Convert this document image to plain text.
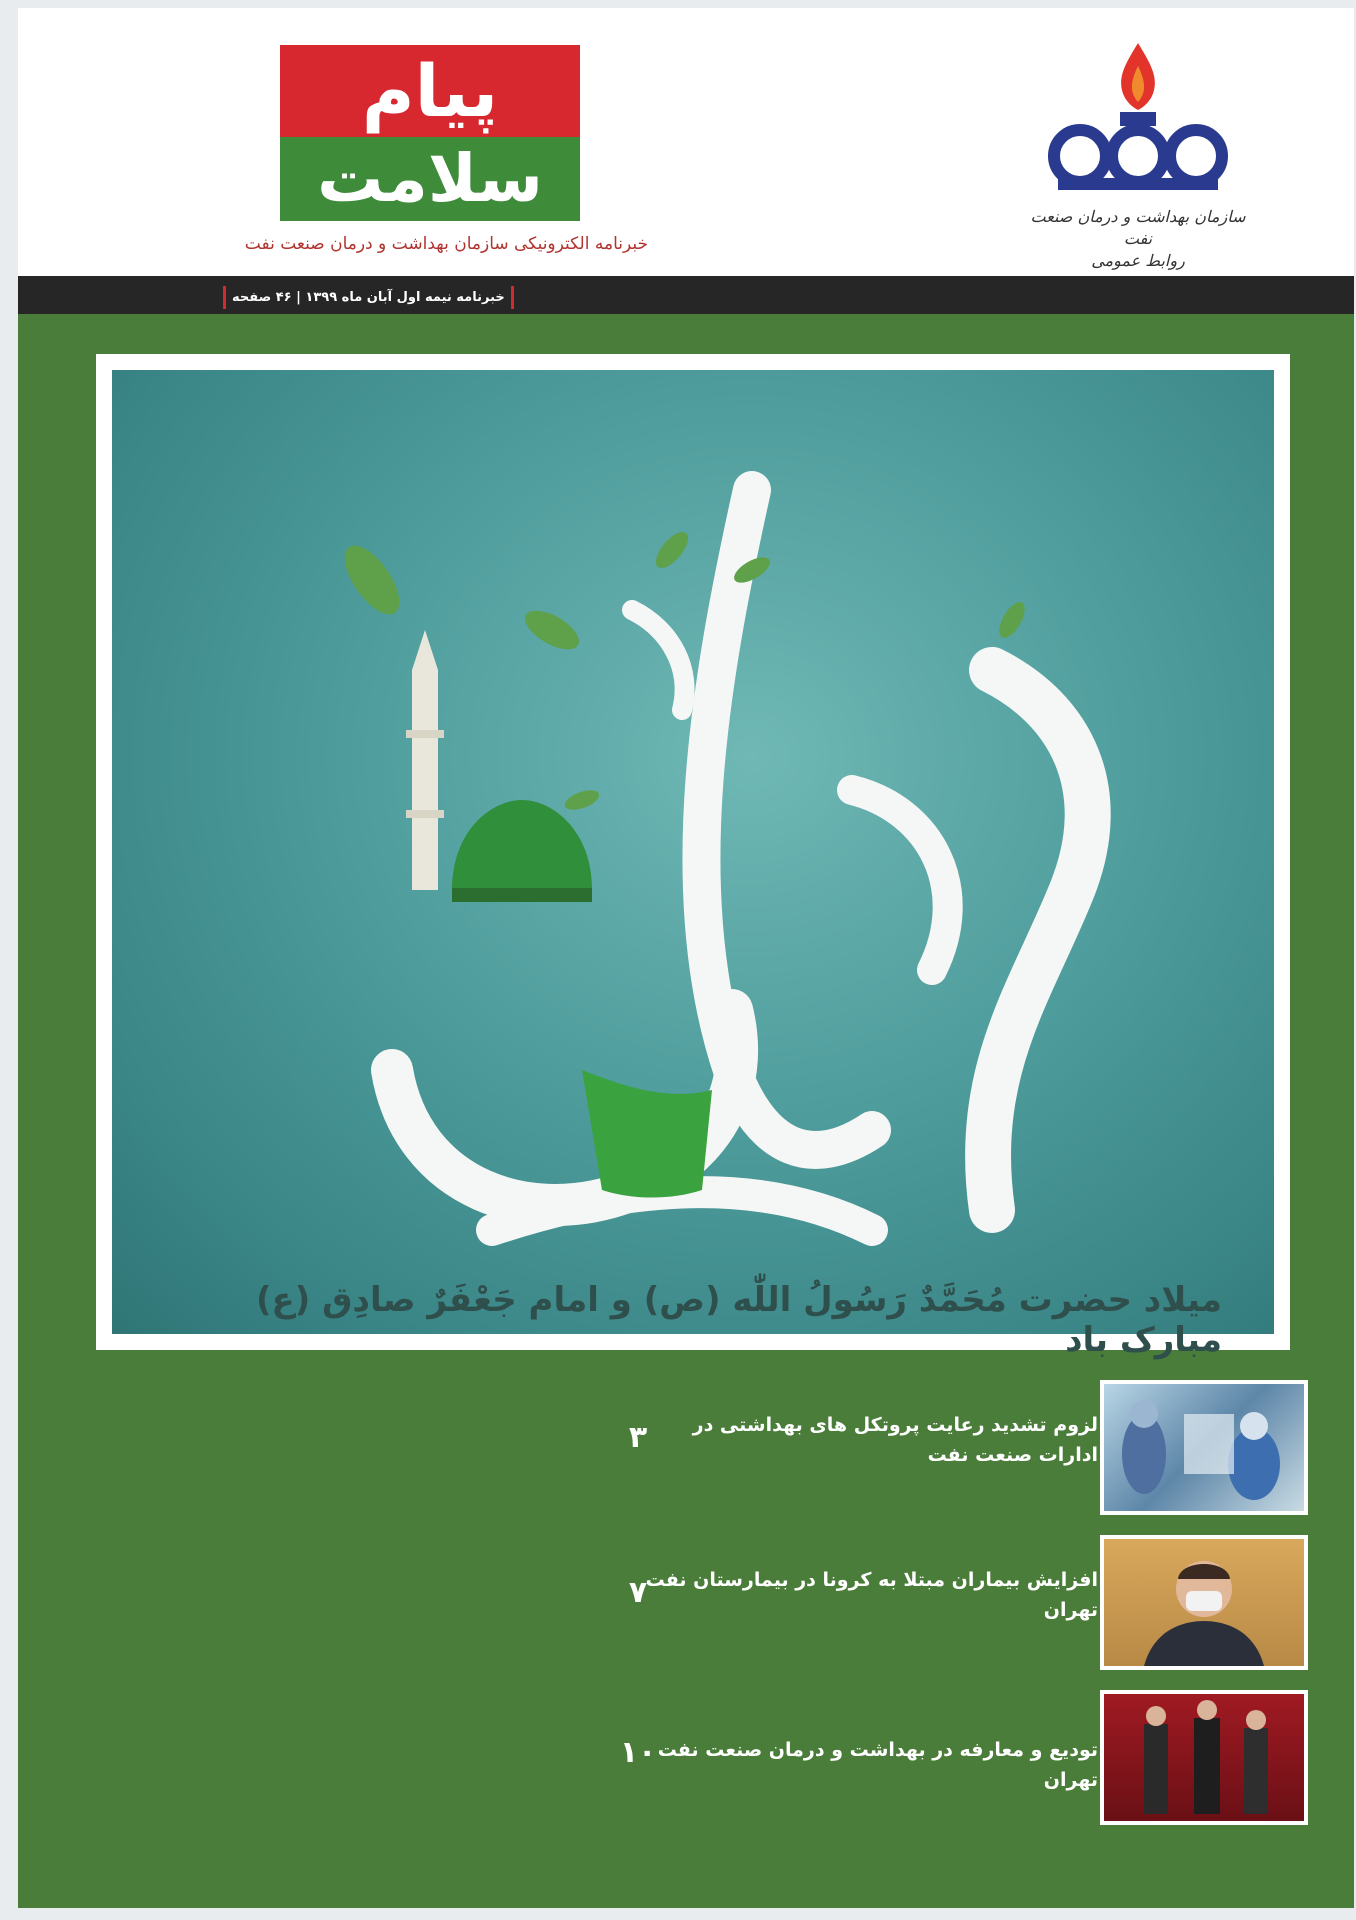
پیام
سلامت
خبرنامه الکترونیکی سازمان بهداشت و درمان صنعت نفت
سازمان بهداشت و درمان صنعت نفت
روابط عمومی
خبرنامه نیمه اول آبان ماه ۱۳۹۹ | ۴۶ صفحه
میلاد حضرت مُحَمَّدٌ رَسُولُ اللّٰه (ص) و امام جَعْفَرٌ صادِق (ع) مبارک باد
لزوم تشدید رعایت پروتکل های بهداشتی در ادارات صنعت نفت
۳
افزایش بیماران مبتلا به کرونا در بیمارستان نفت تهران
۷
تودیع و معارفه در بهداشت و درمان صنعت نفت تهران
۱۰
